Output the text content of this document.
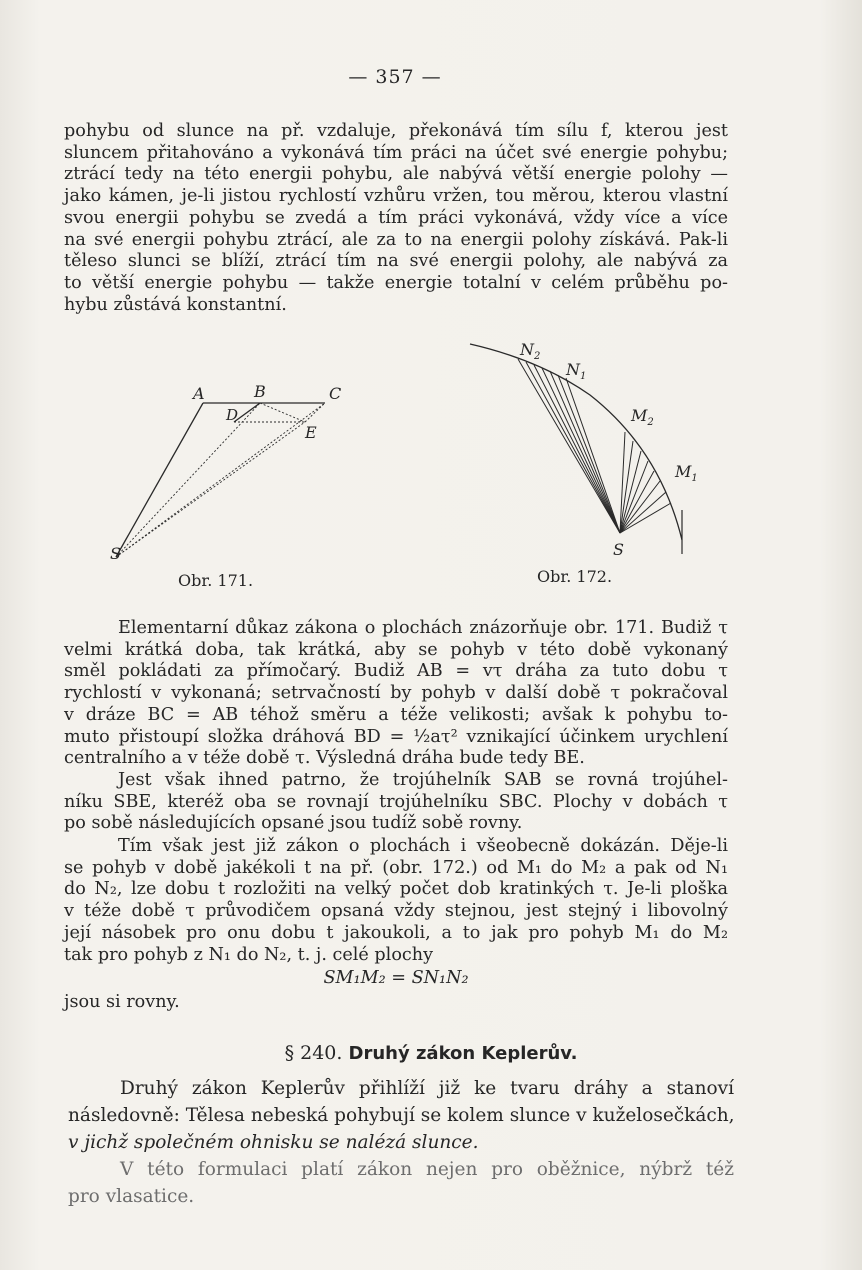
— 357 —
pohybu od slunce na př. vzdaluje, překonává tím sílu f, kterou jest
sluncem přitahováno a vykonává tím práci na účet své energie pohybu;
ztrácí tedy na této energii pohybu, ale nabývá větší energie polohy —
jako kámen, je-li jistou rychlostí vzhůru vržen, tou měrou, kterou vlastní
svou energii pohybu se zvedá a tím práci vykonává, vždy více a více
na své energii pohybu ztrácí, ale za to na energii polohy získává. Pak-li
těleso slunci se blíží, ztrácí tím na své energii polohy, ale nabývá za
to větší energie pohybu — takže energie totalní v celém průběhu po-
hybu zůstává konstantní.
A	B	C
D
E
S
Obr. 171.
$N_2$
$N_1$
$M_2$
$M_1$
S
Obr. 172.
Elementarní důkaz zákona o plochách znázorňuje obr. 171. Budiž τ
velmi krátká doba, tak krátká, aby se pohyb v této době vykonaný
směl pokládati za přímočarý. Budiž AB = vτ dráha za tuto dobu τ
rychlostí v vykonaná; setrvačností by pohyb v další době τ pokračoval
v dráze BC = AB téhož směru a téže velikosti; avšak k pohybu to-
muto přistoupí složka dráhová BD = ½aτ² vznikající účinkem urychlení
centralního a v téže době τ. Výsledná dráha bude tedy BE.
Jest však ihned patrno, že trojúhelník SAB se rovná trojúhel-
níku SBE, kteréž oba se rovnají trojúhelníku SBC. Plochy v dobách τ
po sobě následujících opsané jsou tudíž sobě rovny.
Tím však jest již zákon o plochách i všeobecně dokázán. Děje-li
se pohyb v době jakékoli t na př. (obr. 172.) od M₁ do M₂ a pak od N₁
do N₂, lze dobu t rozložiti na velký počet dob kratinkých τ. Je-li ploška
v téže době τ průvodičem opsaná vždy stejnou, jest stejný i libovolný
její násobek pro onu dobu t jakoukoli, a to jak pro pohyb M₁ do M₂
tak pro pohyb z N₁ do N₂, t. j. celé plochy
SM₁M₂ = SN₁N₂
jsou si rovny.
§ 240. Druhý zákon Keplerův.
Druhý zákon Keplerův přihlíží již ke tvaru dráhy a stanoví
následovně: Tělesa nebeská pohybují se kolem slunce v kuželosečkách,
v jichž společném ohnisku se nalézá slunce.
V této formulaci platí zákon nejen pro oběžnice, nýbrž též
pro vlasatice.
